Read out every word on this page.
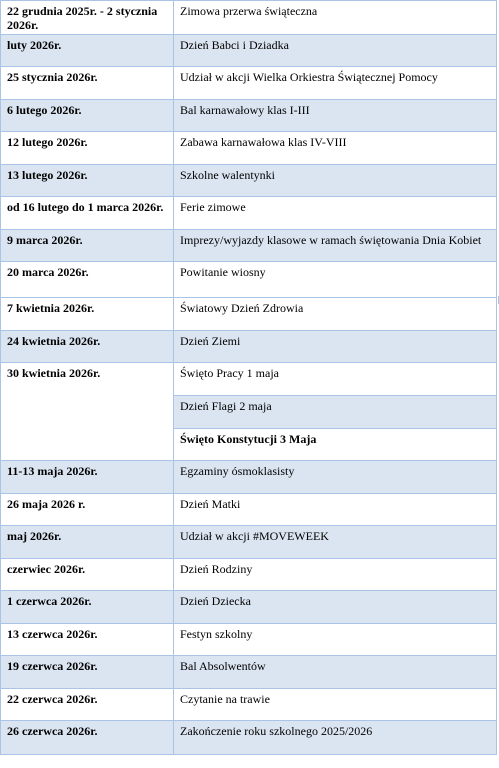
22 grudnia 2025r. - 2 stycznia 2026r.	Zimowa przerwa świąteczna
luty 2026r.	Dzień Babci i Dziadka
25 stycznia 2026r.	Udział w akcji Wielka Orkiestra Świątecznej Pomocy
6 lutego 2026r.	Bal karnawałowy klas I-III
12 lutego 2026r.	Zabawa karnawałowa klas IV-VIII
13 lutego 2026r.	Szkolne walentynki
od 16 lutego do 1 marca 2026r.	Ferie zimowe
9 marca 2026r.	Imprezy/wyjazdy klasowe w ramach świętowania Dnia Kobiet
20 marca 2026r.	Powitanie wiosny
7 kwietnia 2026r.	Światowy Dzień Zdrowia
24 kwietnia 2026r.	Dzień Ziemi
30 kwietnia 2026r.	Święto Pracy 1 maja
	Dzień Flagi 2 maja
	Święto Konstytucji 3 Maja
11-13 maja 2026r.	Egzaminy ósmoklasisty
26 maja 2026 r.	Dzień Matki
maj 2026r.	Udział w akcji #MOVEWEEK
czerwiec 2026r.	Dzień Rodziny
1 czerwca 2026r.	Dzień Dziecka
13 czerwca 2026r.	Festyn szkolny
19 czerwca 2026r.	Bal Absolwentów
22 czerwca 2026r.	Czytanie na trawie
26 czerwca 2026r.	Zakończenie roku szkolnego 2025/2026
